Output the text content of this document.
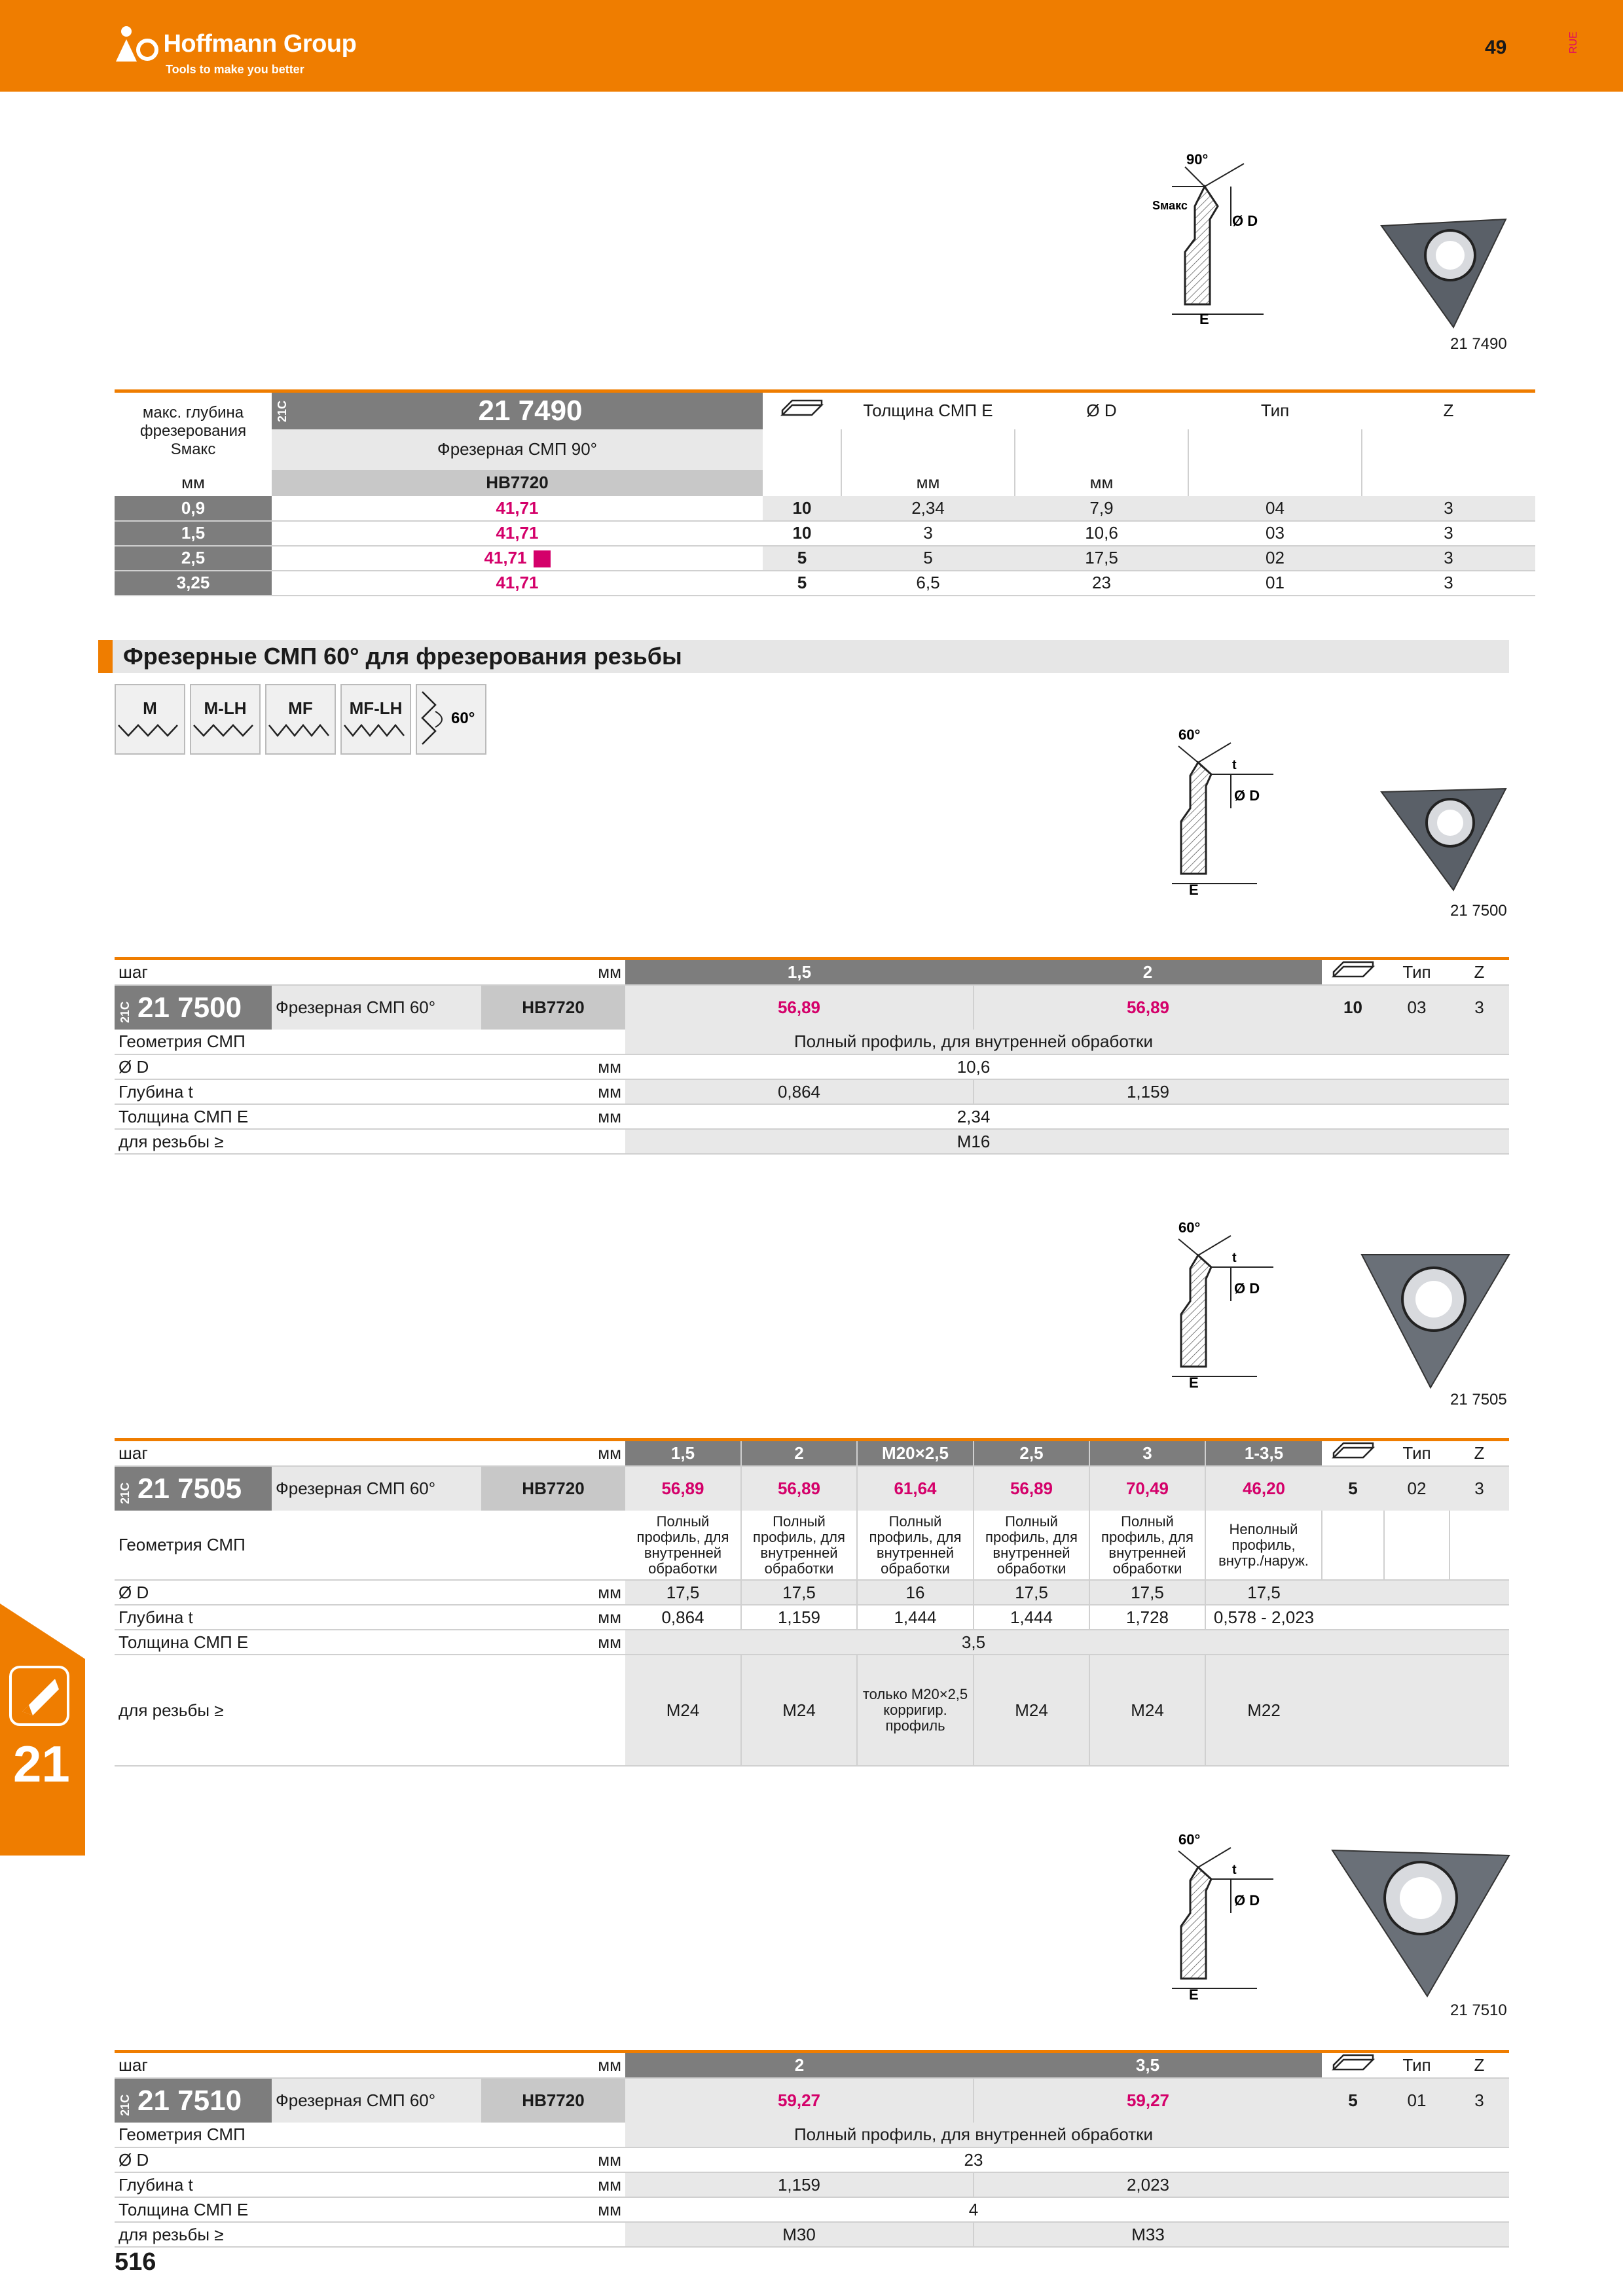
Hoffmann Group
Tools to make you better
49	RUE
21
90°
Sмакс
Ø D
E
21 7490
макс. глубина
фрезерования Sмакс	21C	21 7490		Толщина СМП E	Ø D	Тип	Z
	Фрезерная СМП 90°						
мм	HB7720			мм	мм		
0,9	41,71		10	2,34	7,9	04	3
1,5	41,71		10	3	10,6	03	3
2,5	41,71		5	5	17,5	02	3
3,25	41,71		5	6,5	23	01	3
Фрезерные СМП 60° для фрезерования резьбы
M	M-LH	MF	MF-LH
60°
60°
t
Ø D
E
21 7500
шаг			мм	1,5	2		Тип	Z
21C 21 7500	Фрезерная СМП 60°	HB7720		56,89	56,89	10	03	3
Геометрия СМП				Полный профиль, для внутренней обработки				
Ø D			мм	10,6				
Глубина t			мм	0,864	1,159			
Толщина СМП E			мм	2,34				
для резьбы ≥				M16				
60°
t
Ø D
E
21 7505
шаг			мм	1,5	2	M20×2,5	2,5	3	1-3,5		Тип	Z
21C 21 7505	Фрезерная СМП 60°	HB7720		56,89	56,89	61,64	56,89	70,49	46,20	5	02	3
Геометрия СМП				Полный профиль, для внутренней обработки	Полный профиль, для внутренней обработки	Полный профиль, для внутренней обработки	Полный профиль, для внутренней обработки	Полный профиль, для внутренней обработки	Неполный профиль, внутр./наруж.			
Ø D			мм	17,5	17,5	16	17,5	17,5	17,5			
Глубина t			мм	0,864	1,159	1,444	1,444	1,728	0,578 - 2,023			
Толщина СМП E			мм	3,5								
для резьбы ≥				M24	M24	только M20×2,5 корригир. профиль	M24	M24	M22			
60°
t
Ø D
E
21 7510
шаг			мм	2	3,5		Тип	Z
21C 21 7510	Фрезерная СМП 60°	HB7720		59,27	59,27	5	01	3
Геометрия СМП				Полный профиль, для внутренней обработки				
Ø D			мм	23				
Глубина t			мм	1,159	2,023			
Толщина СМП E			мм	4				
для резьбы ≥				M30	M33			
516
